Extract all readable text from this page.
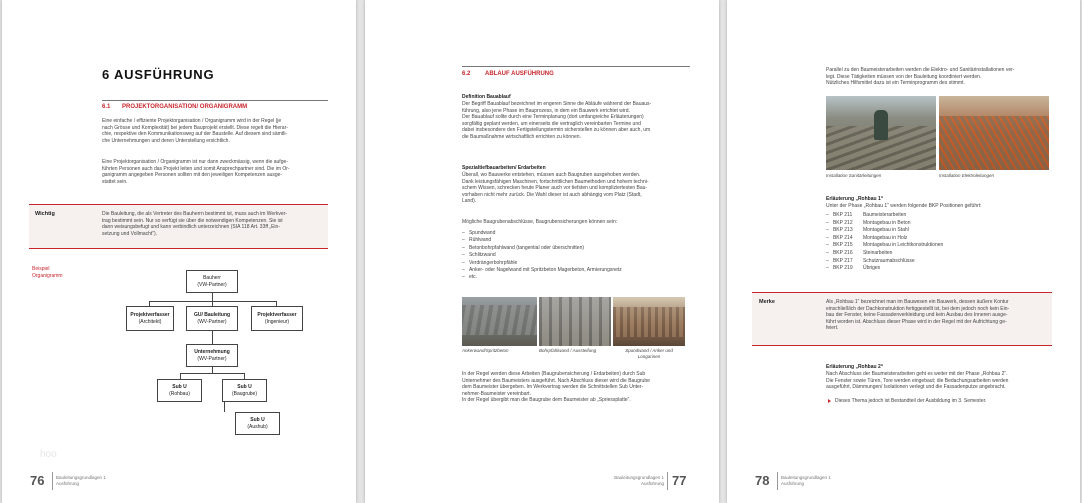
6 AUSFÜHRUNG
6.1 PROJEKTORGANISATION/ ORGANIGRAMM
Eine einfache / effiziente Projektorganisation / Organigramm wird in der Regel (je
nach Grösse und Komplexität) bei jedem Bauprojekt erstellt. Diese regelt die Hierar-
chie, respektive den Kommunikationsweg auf der Baustelle. Auf diesem sind sämtli-
che Unternehmungen und deren Unterstellung ersichtlich.
Eine Projektorganisation / Organigramm ist nur dann zweckmässig, wenn die aufge-
führten Personen auch das Projekt leiten und somit Ansprechpartner sind. Die im Or-
ganigramm angegeben Personen sollten mit den jeweiligen Kompetenzen ausge-
stattet sein.
Wichtig	Die Bauleitung, die als Vertreter des Bauherrn bestimmt ist, muss auch im Werkver-
trag bestimmt sein. Nur so verfügt sie über die notwendigen Kompetenzen. Sie ist
dann weisungsbefugt und kann verbindlich unterzeichnen (SIA 118 Art. 33ff „Ein-
setzung und Vollmacht“).
Beispiel
Organigramm	Bauherr
(VW-Partner)
Projektverfasser
(Architekt)
GU/ Bauleitung
(WV-Partner)
Projektverfasser
(Ingenieur)
Unternehmung
(WV-Partner)
Sub U
(Rohbau)
Sub U
(Baugrube)
Sub U
(Aushub)
hoo
76	Bauleitungsgrundlagen 1
Ausführung
6.2 ABLAUF AUSFÜHRUNG
Definition Bauablauf
Der Begriff Bauablauf bezeichnet im engeren Sinne die Abläufe während der Bauaus-
führung, also jene Phase im Bauprozess, in dem ein Bauwerk errichtet wird.
Der Bauablauf sollte durch eine Terminplanung (dort umfangreiche Erläuterungen)
sorgfältig geplant werden, um einerseits die vertraglich vereinbarten Termine und
dabei insbesondere den Fertigstellungstermin sicherstellen zu können aber auch, um
die Baumaßnahme wirtschaftlich errichten zu können.
Spezialtiefbauarbeiten/ Erdarbeiten
Überall, wo Bauwerke entstehen, müssen auch Baugruben ausgehoben werden.
Dank leistungsfähigen Maschinen, fortschrittlichen Baumethoden und hohem techni-
schem Wissen, schrecken heute Planer auch vor tiefsten und kompliziertesten Bau-
vorhaben nicht mehr zurück. Die Wahl dieser ist auch abhängig vom Platz (Stadt,
Land).
Mögliche Baugrubenabschlüsse, Baugrubensicherungen können sein:
–   Spundwand
–   Rühlwand
–   Betonbohrpfahlwand (tangential oder überschnitten)
–   Schlitzwand
–   Verdrängerbohrpfähle
–   Anker- oder Nagelwand mit Spritzbeton Magerbeton, Armierungsnetz
–   etc.
Ankerwand/Spritzbeton	Bohrpfahlwand / Aussteifung	Spundwand / Anker und
Longarinen
In der Regel werden diese Arbeiten (Baugrubensicherung / Erdarbeiten) durch Sub
Unternehmer des Baumeisters ausgeführt. Nach Abschluss dieser wird die Baugrube
dem Baumeister übergeben. Im Werkvertrag werden die Schnittstellen Sub Unter-
nehmer-Baumeister vereinbart.
In der Regel übergibt man die Baugrube dem Baumeister ab „Spriessplatte“.
Bauleitungsgrundlagen 1
Ausführung 77
Parallel zu den Baumeisterarbeiten werden die Elektro- und Sanitärinstallationen ver-
legt. Diese Tätigkeiten müssen von der Bauleitung koordiniert werden.
Nützliches Hilfsmittel dazu ist ein Terminprogramm des stimmt.
Installation Sanitärleitungen	Installation Elektroleitungen
Erläuterung „Rohbau 1“
Unter der Phase „Rohbau 1“ werden folgende BKP Positionen geführt:
–   BKP 211 Baumeisterarbeiten
–   BKP 212 Montagebau in Beton
–   BKP 213 Montagebau in Stahl
–   BKP 214 Montagebau in Holz
–   BKP 215 Montagebau in Leichtkonstruktionen
–   BKP 216 Steinarbeiten
–   BKP 217 Schutzraumabschlüsse
–   BKP 219 Übriges
Merke	Als „Rohbau 1“ bezeichnet man im Bauwesen ein Bauwerk, dessen äußere Kontur
einschließlich der Dachkonstruktion fertiggestellt ist, bei dem jedoch noch kein Ein-
bau der Fenster, keine Fassadenverkleidung und kein Ausbau des Inneren ausge-
führt worden ist. Abschluss dieser Phase wird in der Regel mit der Aufrichtung ge-
feiert.
Erläuterung „Rohbau 2“
Nach Abschluss der Baumeisterarbeiten geht es weiter mit der Phase „Rohbau 2“.
Die Fenster sowie Türen, Tore werden eingebaut; die Bedachungsarbeiten werden
ausgeführt, Dämmungen/ Isolationen verlegt und die Fassadenputze angebracht.
Dieses Thema jedoch ist Bestandteil der Ausbildung im 3. Semester.
78	Bauleitungsgrundlagen 1
Ausführung
